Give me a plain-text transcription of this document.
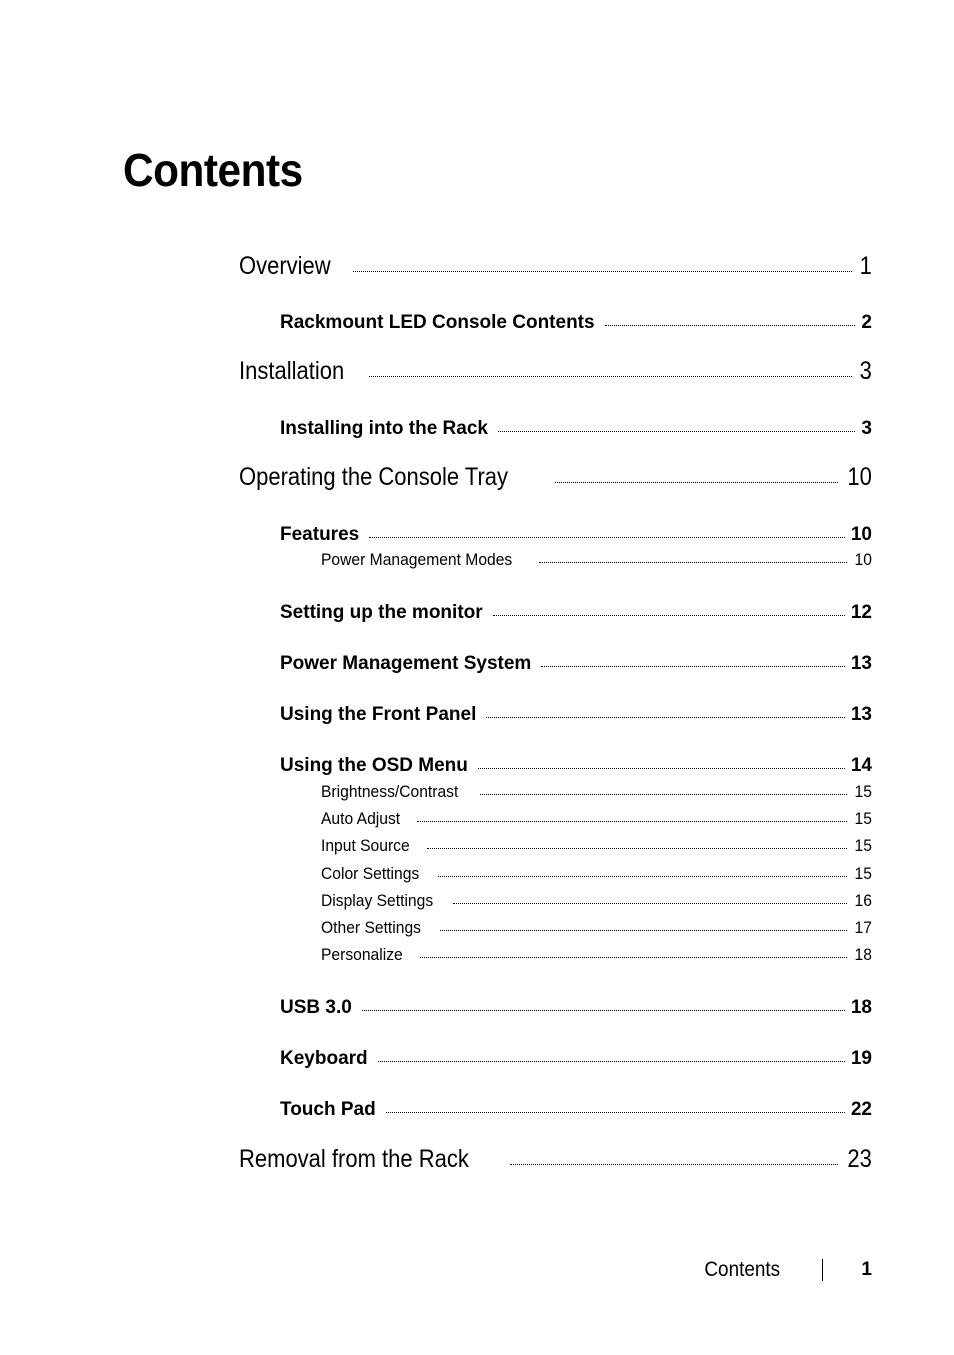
Contents
Overview	1
Rackmount LED Console Contents	2
Installation	3
Installing into the Rack	3
Operating the Console Tray	10
Features	10
Power Management Modes	10
Setting up the monitor	12
Power Management System	13
Using the Front Panel	13
Using the OSD Menu	14
Brightness/Contrast	15
Auto Adjust	15
Input Source	15
Color Settings	15
Display Settings	16
Other Settings	17
Personalize	18
USB 3.0	18
Keyboard	19
Touch Pad	22
Removal from the Rack	23
Contents	1
